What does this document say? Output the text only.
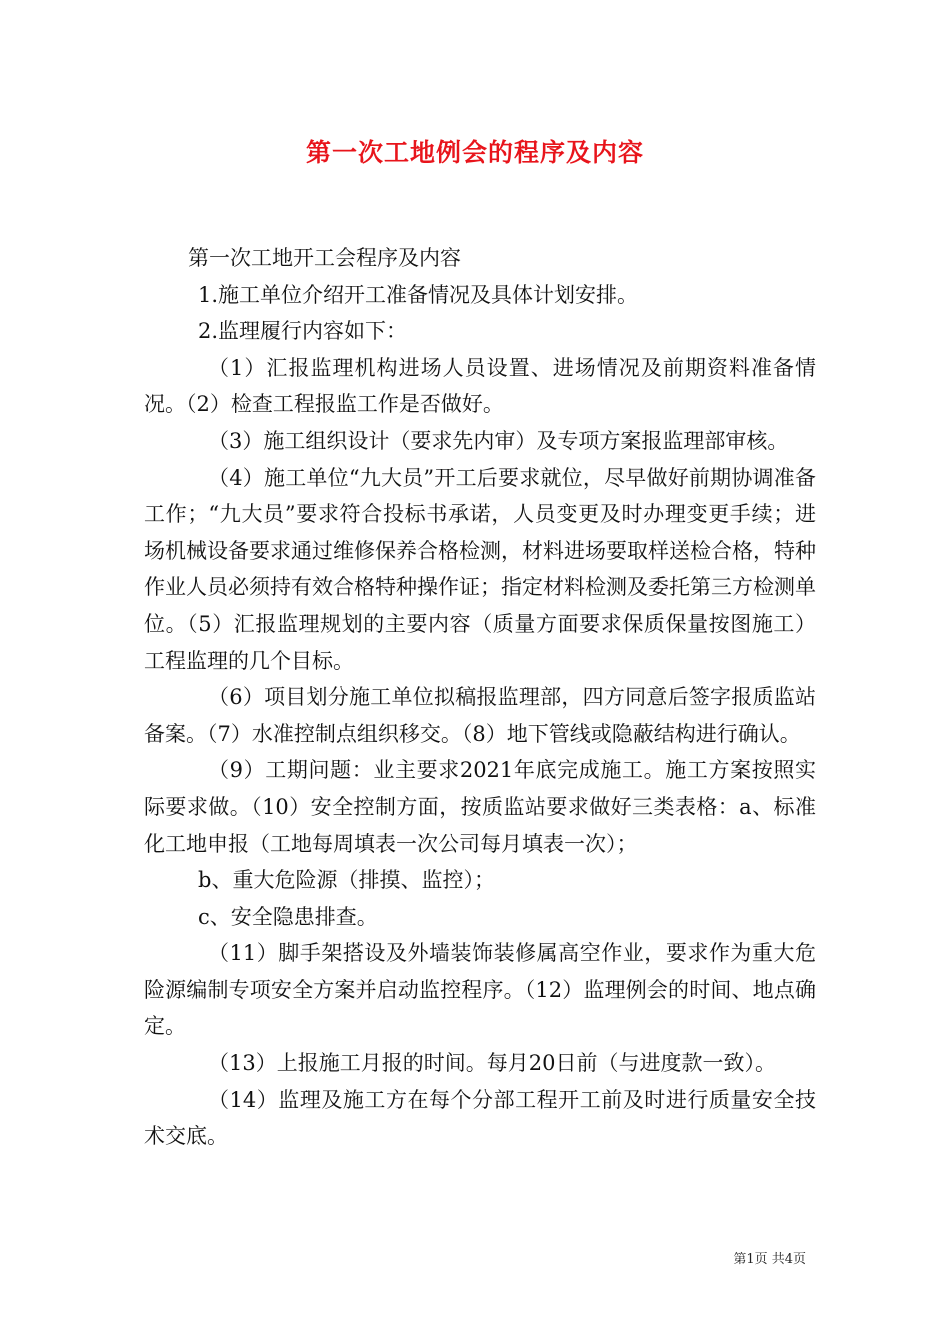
第一次工地例会的程序及内容

第一次工地开工会程序及内容

1.施工单位介绍开工准备情况及具体计划安排。

2.监理履行内容如下：

（1）汇报监理机构进场人员设置、进场情况及前期资料准备情况。（2）检查工程报监工作是否做好。

（3）施工组织设计（要求先内审）及专项方案报监理部审核。

（4）施工单位“九大员”开工后要求就位，尽早做好前期协调准备工作；“九大员”要求符合投标书承诺，人员变更及时办理变更手续；进场机械设备要求通过维修保养合格检测，材料进场要取样送检合格，特种作业人员必须持有效合格特种操作证；指定材料检测及委托第三方检测单位。（5）汇报监理规划的主要内容（质量方面要求保质保量按图施工）工程监理的几个目标。

（6）项目划分施工单位拟稿报监理部，四方同意后签字报质监站备案。（7）水准控制点组织移交。（8）地下管线或隐蔽结构进行确认。

（9）工期问题：业主要求2021年底完成施工。施工方案按照实际要求做。（10）安全控制方面，按质监站要求做好三类表格：a、标准化工地申报（工地每周填表一次公司每月填表一次）；

b、重大危险源（排摸、监控）；

c、安全隐患排查。

（11）脚手架搭设及外墙装饰装修属高空作业，要求作为重大危险源编制专项安全方案并启动监控程序。（12）监理例会的时间、地点确定。

（13）上报施工月报的时间。每月20日前（与进度款一致）。

（14）监理及施工方在每个分部工程开工前及时进行质量安全技术交底。

第1页 共4页
